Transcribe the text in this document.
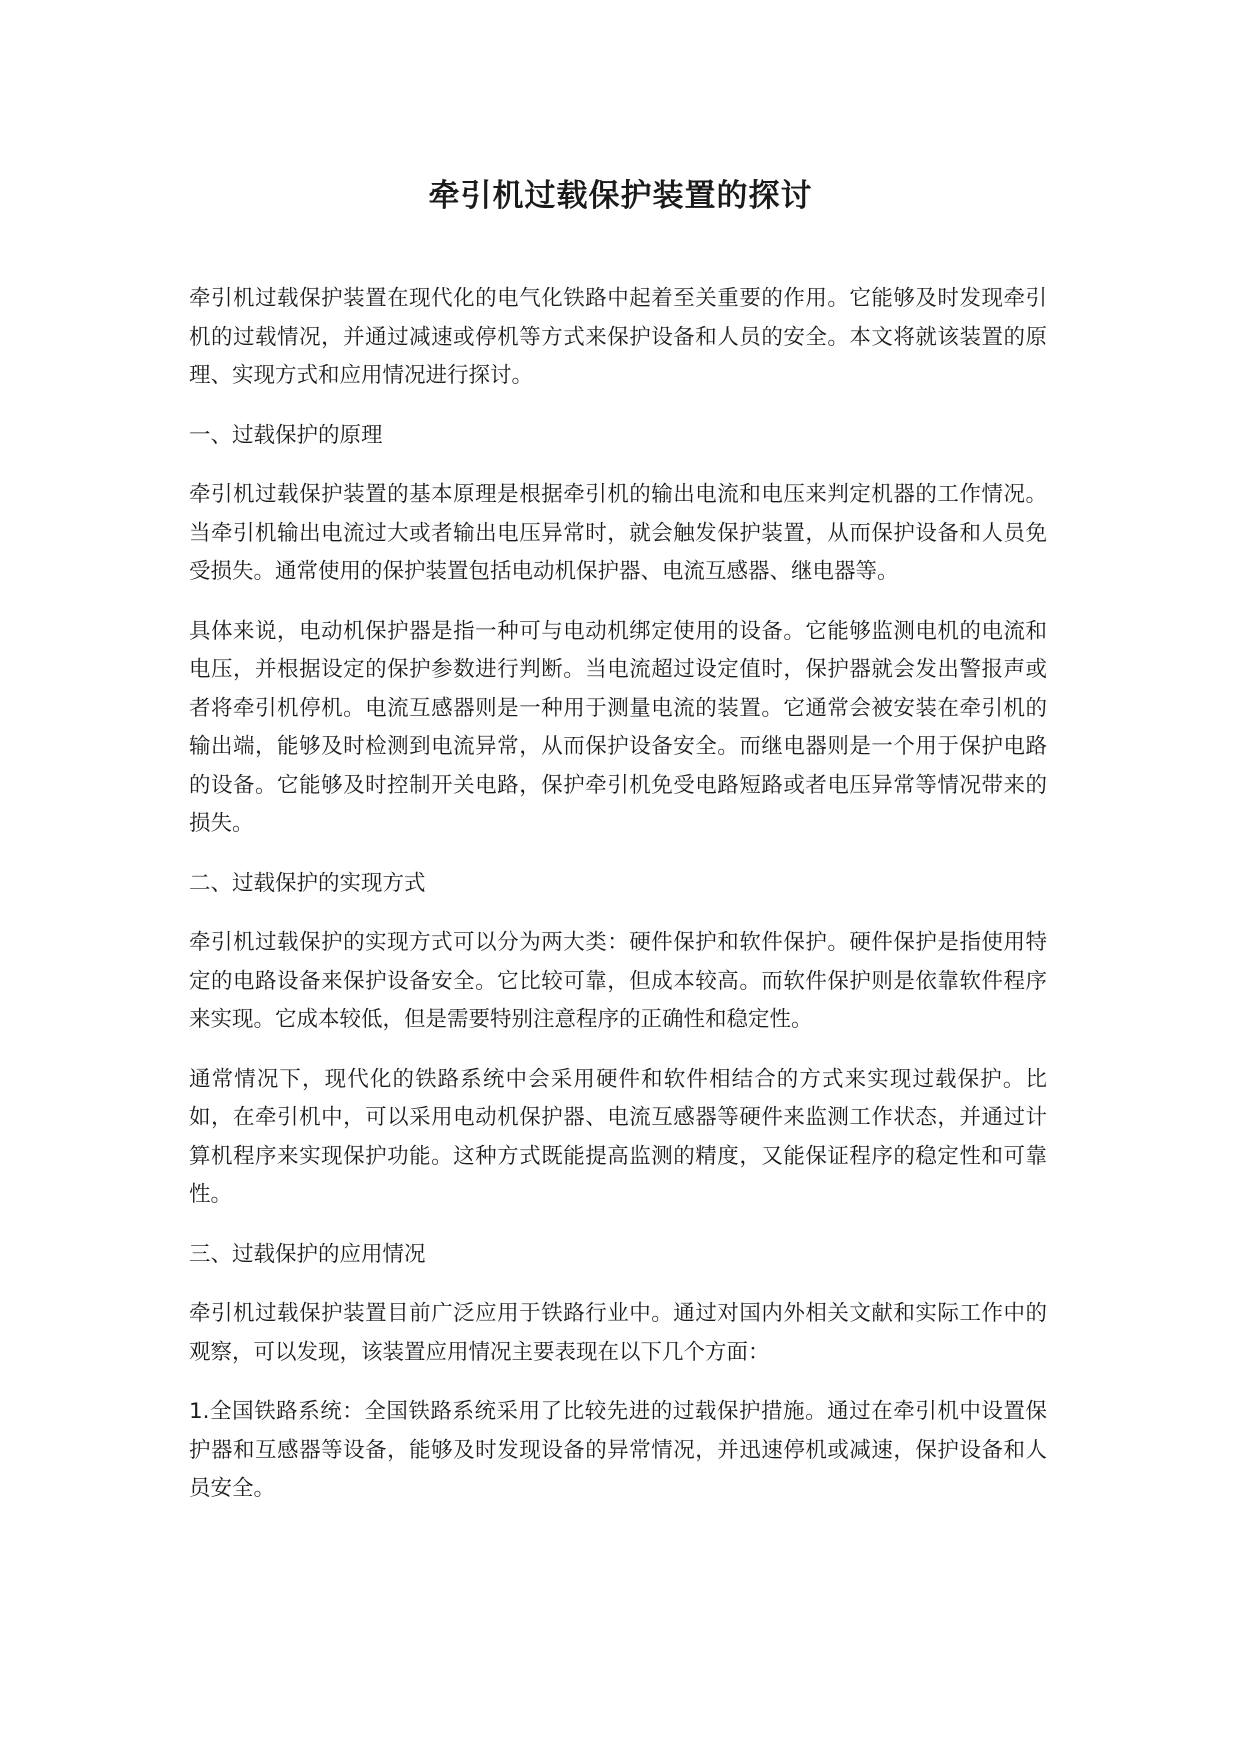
牵引机过载保护装置的探讨

牵引机过载保护装置在现代化的电气化铁路中起着至关重要的作用。它能够及时发现牵引机的过载情况，并通过减速或停机等方式来保护设备和人员的安全。本文将就该装置的原理、实现方式和应用情况进行探讨。

一、过载保护的原理

牵引机过载保护装置的基本原理是根据牵引机的输出电流和电压来判定机器的工作情况。当牵引机输出电流过大或者输出电压异常时，就会触发保护装置，从而保护设备和人员免受损失。通常使用的保护装置包括电动机保护器、电流互感器、继电器等。

具体来说，电动机保护器是指一种可与电动机绑定使用的设备。它能够监测电机的电流和电压，并根据设定的保护参数进行判断。当电流超过设定值时，保护器就会发出警报声或者将牵引机停机。电流互感器则是一种用于测量电流的装置。它通常会被安装在牵引机的输出端，能够及时检测到电流异常，从而保护设备安全。而继电器则是一个用于保护电路的设备。它能够及时控制开关电路，保护牵引机免受电路短路或者电压异常等情况带来的损失。

二、过载保护的实现方式

牵引机过载保护的实现方式可以分为两大类：硬件保护和软件保护。硬件保护是指使用特定的电路设备来保护设备安全。它比较可靠，但成本较高。而软件保护则是依靠软件程序来实现。它成本较低，但是需要特别注意程序的正确性和稳定性。

通常情况下，现代化的铁路系统中会采用硬件和软件相结合的方式来实现过载保护。比如，在牵引机中，可以采用电动机保护器、电流互感器等硬件来监测工作状态，并通过计算机程序来实现保护功能。这种方式既能提高监测的精度，又能保证程序的稳定性和可靠性。

三、过载保护的应用情况

牵引机过载保护装置目前广泛应用于铁路行业中。通过对国内外相关文献和实际工作中的观察，可以发现，该装置应用情况主要表现在以下几个方面：

1.全国铁路系统：全国铁路系统采用了比较先进的过载保护措施。通过在牵引机中设置保护器和互感器等设备，能够及时发现设备的异常情况，并迅速停机或减速，保护设备和人员安全。
